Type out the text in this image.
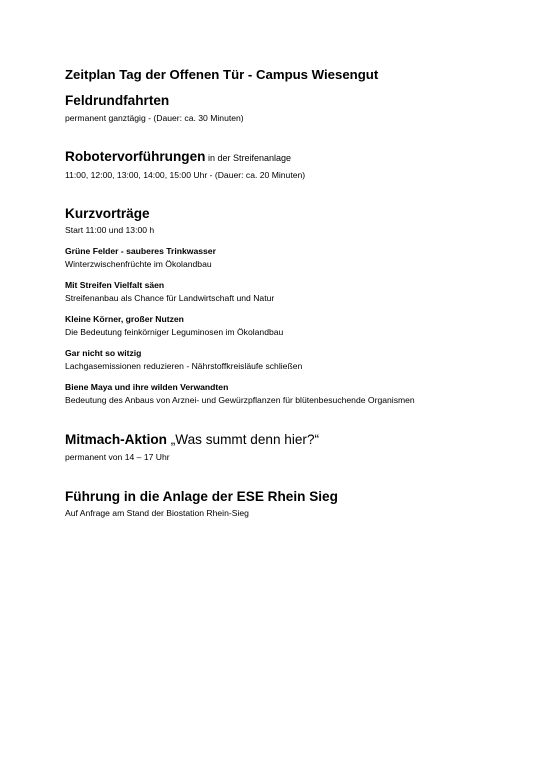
Zeitplan Tag der Offenen Tür - Campus Wiesengut

Feldrundfahrten

permanent ganztägig - (Dauer: ca. 30 Minuten)

Robotervorführungen in der Streifenanlage

11:00, 12:00, 13:00, 14:00, 15:00 Uhr - (Dauer: ca. 20 Minuten)

Kurzvorträge

Start 11:00 und 13:00 h

Grüne Felder - sauberes Trinkwasser

Winterzwischenfrüchte im Ökolandbau

Mit Streifen Vielfalt säen

Streifenanbau als Chance für Landwirtschaft und Natur

Kleine Körner, großer Nutzen

Die Bedeutung feinkörniger Leguminosen im Ökolandbau

Gar nicht so witzig

Lachgasemissionen reduzieren - Nährstoffkreisläufe schließen

Biene Maya und ihre wilden Verwandten

Bedeutung des Anbaus von Arznei- und Gewürzpflanzen für blütenbesuchende Organismen

Mitmach-Aktion „Was summt denn hier?“

permanent von 14 – 17 Uhr

Führung in die Anlage der ESE Rhein Sieg

Auf Anfrage am Stand der Biostation Rhein-Sieg
